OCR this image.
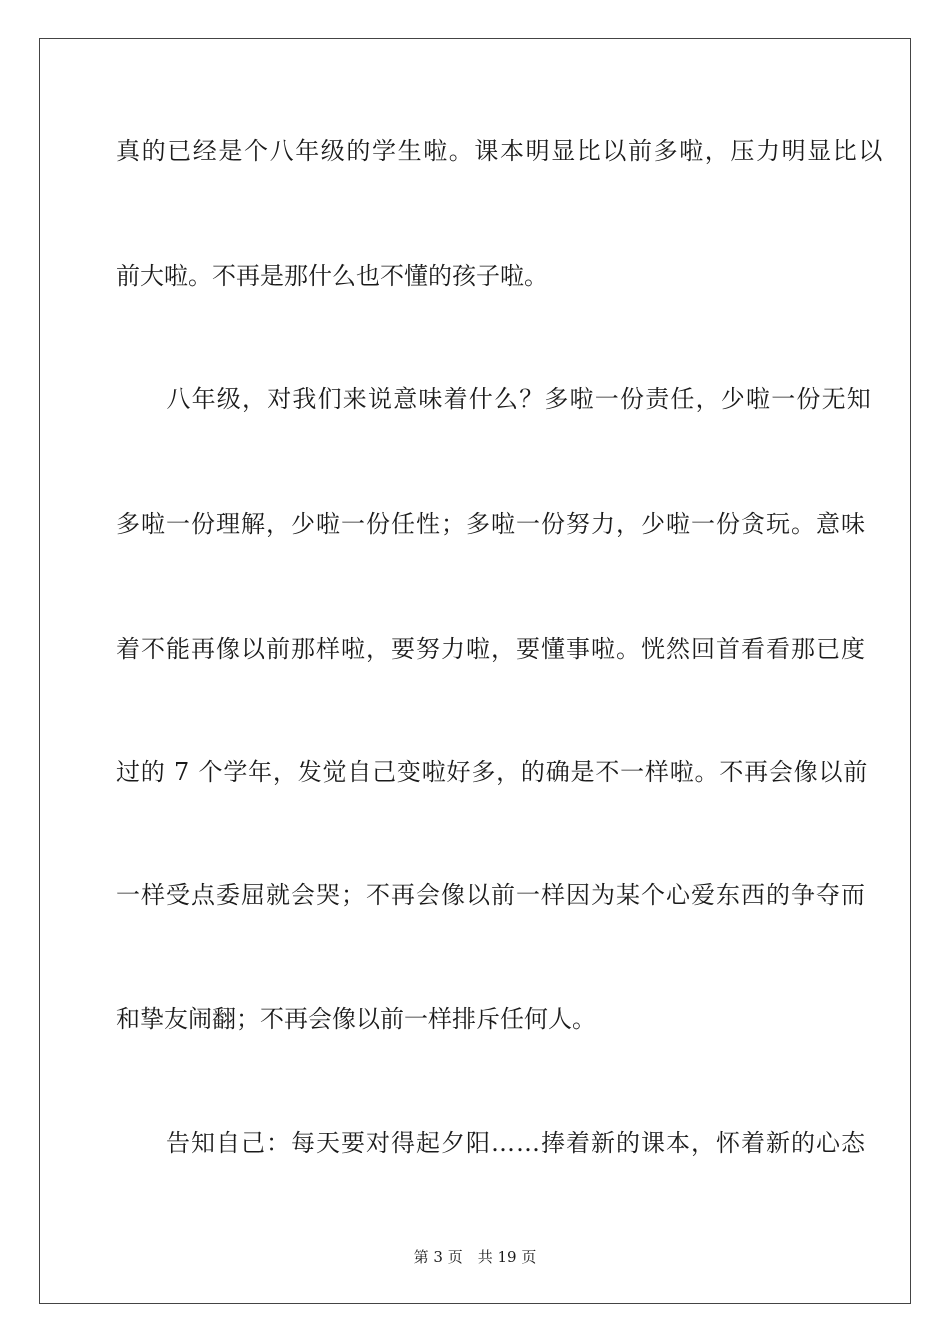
真的已经是个八年级的学生啦。课本明显比以前多啦，压力明显比以
前大啦。不再是那什么也不懂的孩子啦。
　　八年级，对我们来说意味着什么？多啦一份责任，少啦一份无知
多啦一份理解，少啦一份任性；多啦一份努力，少啦一份贪玩。意味
着不能再像以前那样啦，要努力啦，要懂事啦。恍然回首看看那已度
过的 7 个学年，发觉自己变啦好多，的确是不一样啦。不再会像以前
一样受点委屈就会哭；不再会像以前一样因为某个心爱东西的争夺而
和挚友闹翻；不再会像以前一样排斥任何人。
　　告知自己：每天要对得起夕阳……捧着新的课本，怀着新的心态
第 3 页　共 19 页
